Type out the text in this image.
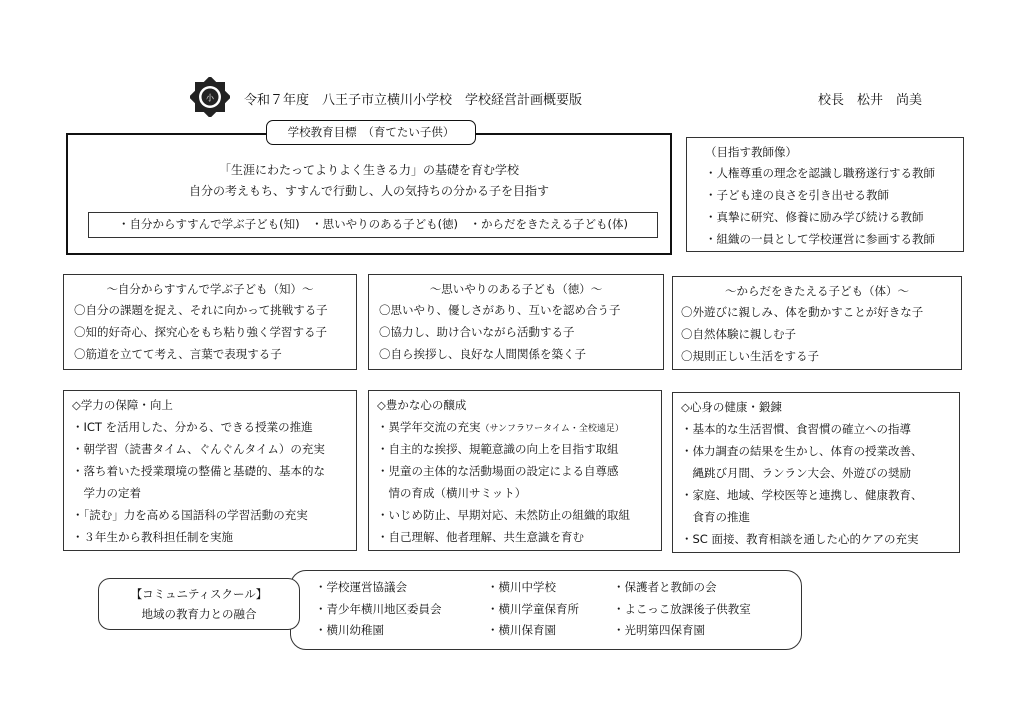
小 令和７年度　八王子市立横川小学校　学校経営計画概要版	校長　松井　尚美
学校教育目標　（育てたい子供）
「生涯にわたってよりよく生きる力」の基礎を育む学校
自分の考えもち、すすんで行動し、人の気持ちの分かる子を目指す
・自分からすすんで学ぶ子ども(知)　・思いやりのある子ども(徳)　・からだをきたえる子ども(体)
（目指す教師像）
・人権尊重の理念を認識し職務遂行する教師
・子ども達の良さを引き出せる教師
・真摯に研究、修養に励み学び続ける教師
・組織の一員として学校運営に参画する教師
～自分からすすんで学ぶ子ども（知）～
〇自分の課題を捉え、それに向かって挑戦する子
〇知的好奇心、探究心をもち粘り強く学習する子
〇筋道を立てて考え、言葉で表現する子
～思いやりのある子ども（徳）～
〇思いやり、優しさがあり、互いを認め合う子
〇協力し、助け合いながら活動する子
〇自ら挨拶し、良好な人間関係を築く子
～からだをきたえる子ども（体）～
〇外遊びに親しみ、体を動かすことが好きな子
〇自然体験に親しむ子
〇規則正しい生活をする子
◇学力の保障・向上
・ICT を活用した、分かる、できる授業の推進
・朝学習（読書タイム、ぐんぐんタイム）の充実
・落ち着いた授業環境の整備と基礎的、基本的な
　学力の定着
・「読む」力を高める国語科の学習活動の充実
・３年生から教科担任制を実施
◇豊かな心の醸成
・異学年交流の充実（サンフラワータイム・全校遠足）
・自主的な挨拶、規範意識の向上を目指す取組
・児童の主体的な活動場面の設定による自尊感
　情の育成（横川サミット）
・いじめ防止、早期対応、未然防止の組織的取組
・自己理解、他者理解、共生意識を育む
◇心身の健康・鍛錬
・基本的な生活習慣、食習慣の確立への指導
・体力調査の結果を生かし、体育の授業改善、
　縄跳び月間、ランラン大会、外遊びの奨励
・家庭、地域、学校医等と連携し、健康教育、
　食育の推進
・SC 面接、教育相談を通した心的ケアの充実
・学校運営協議会	・横川中学校	・保護者と教師の会
・青少年横川地区委員会	・横川学童保育所	・よこっこ放課後子供教室
・横川幼稚園	・横川保育園	・光明第四保育園
【コミュニティスクール】
地域の教育力との融合
